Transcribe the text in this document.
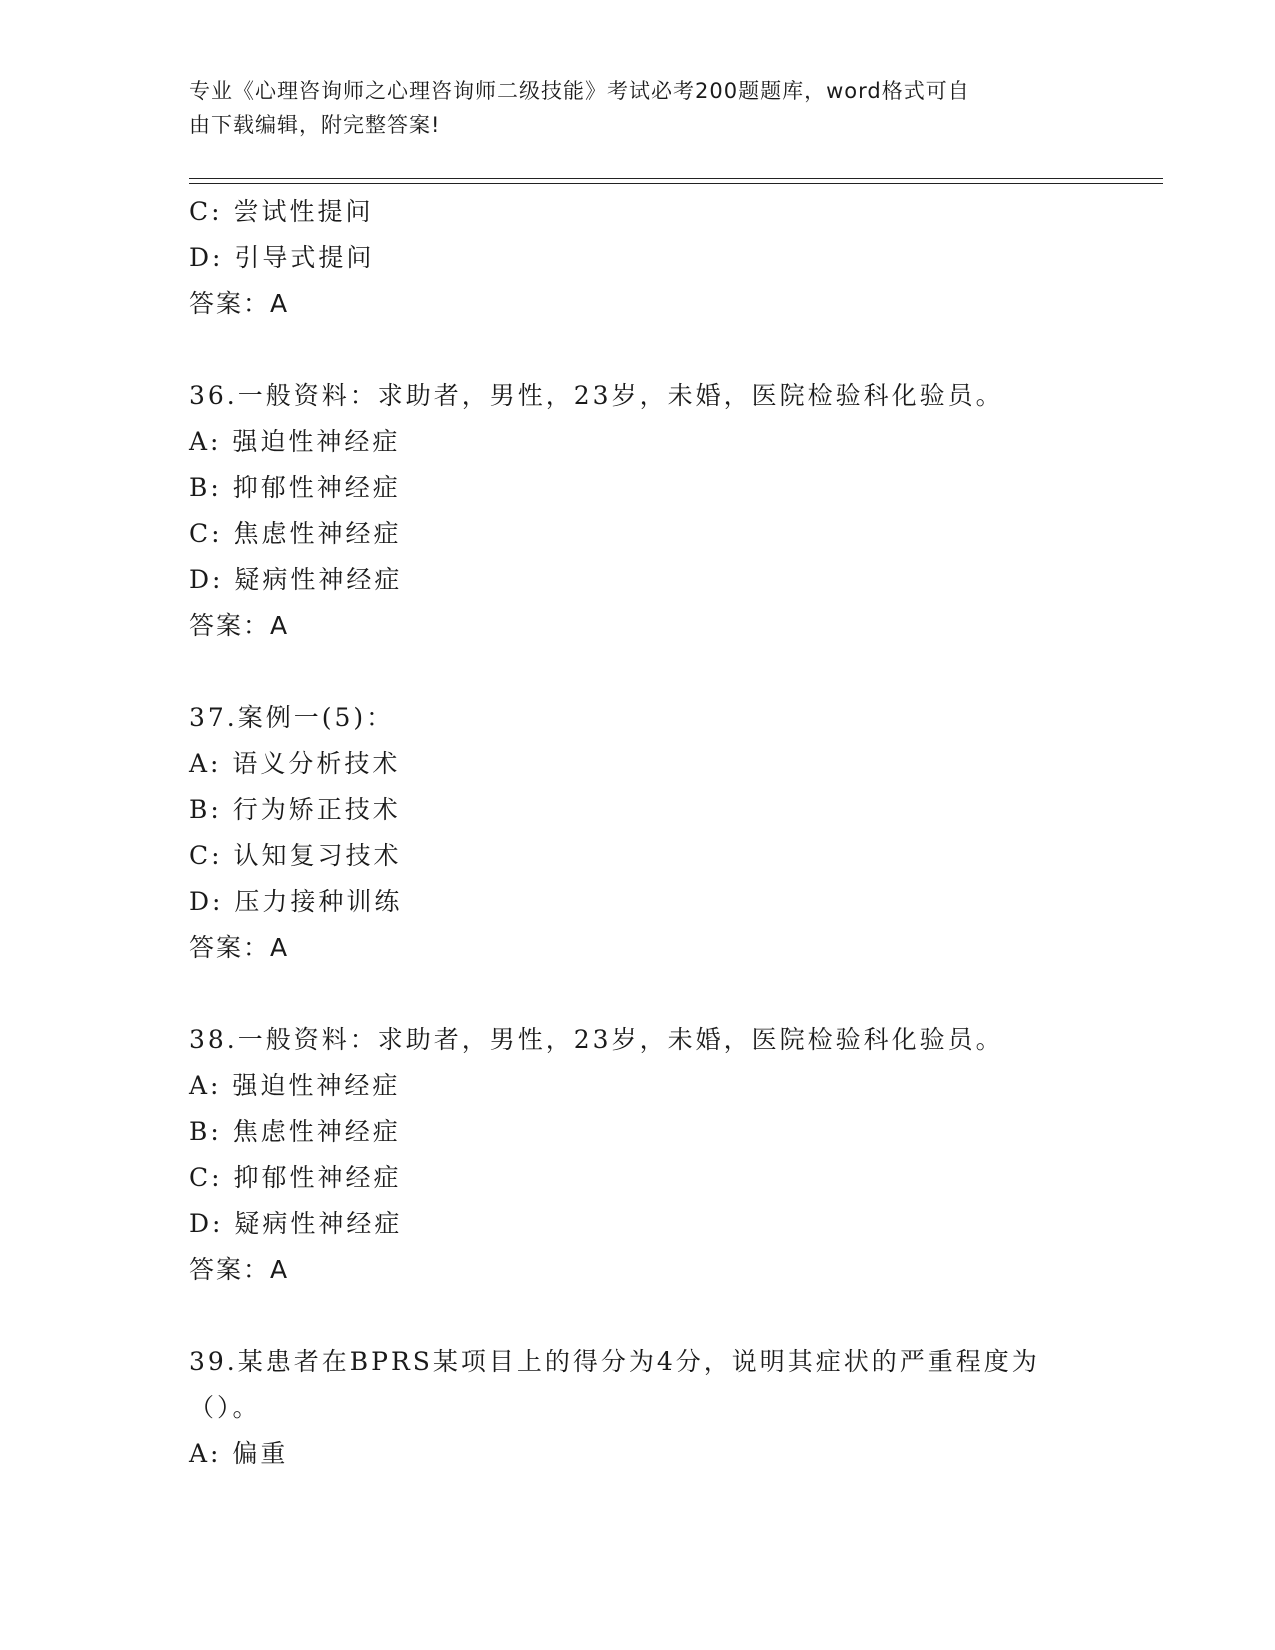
专业《心理咨询师之心理咨询师二级技能》考试必考200题题库，word格式可自
由下载编辑，附完整答案!
C: 尝试性提问
D: 引导式提问
答案：A
36.一般资料：求助者，男性，23岁，未婚，医院检验科化验员。
A: 强迫性神经症
B: 抑郁性神经症
C: 焦虑性神经症
D: 疑病性神经症
答案：A
37.案例一(5)：
A: 语义分析技术
B: 行为矫正技术
C: 认知复习技术
D: 压力接种训练
答案：A
38.一般资料：求助者，男性，23岁，未婚，医院检验科化验员。
A: 强迫性神经症
B: 焦虑性神经症
C: 抑郁性神经症
D: 疑病性神经症
答案：A
39.某患者在BPRS某项目上的得分为4分，说明其症状的严重程度为
（）。
A: 偏重
